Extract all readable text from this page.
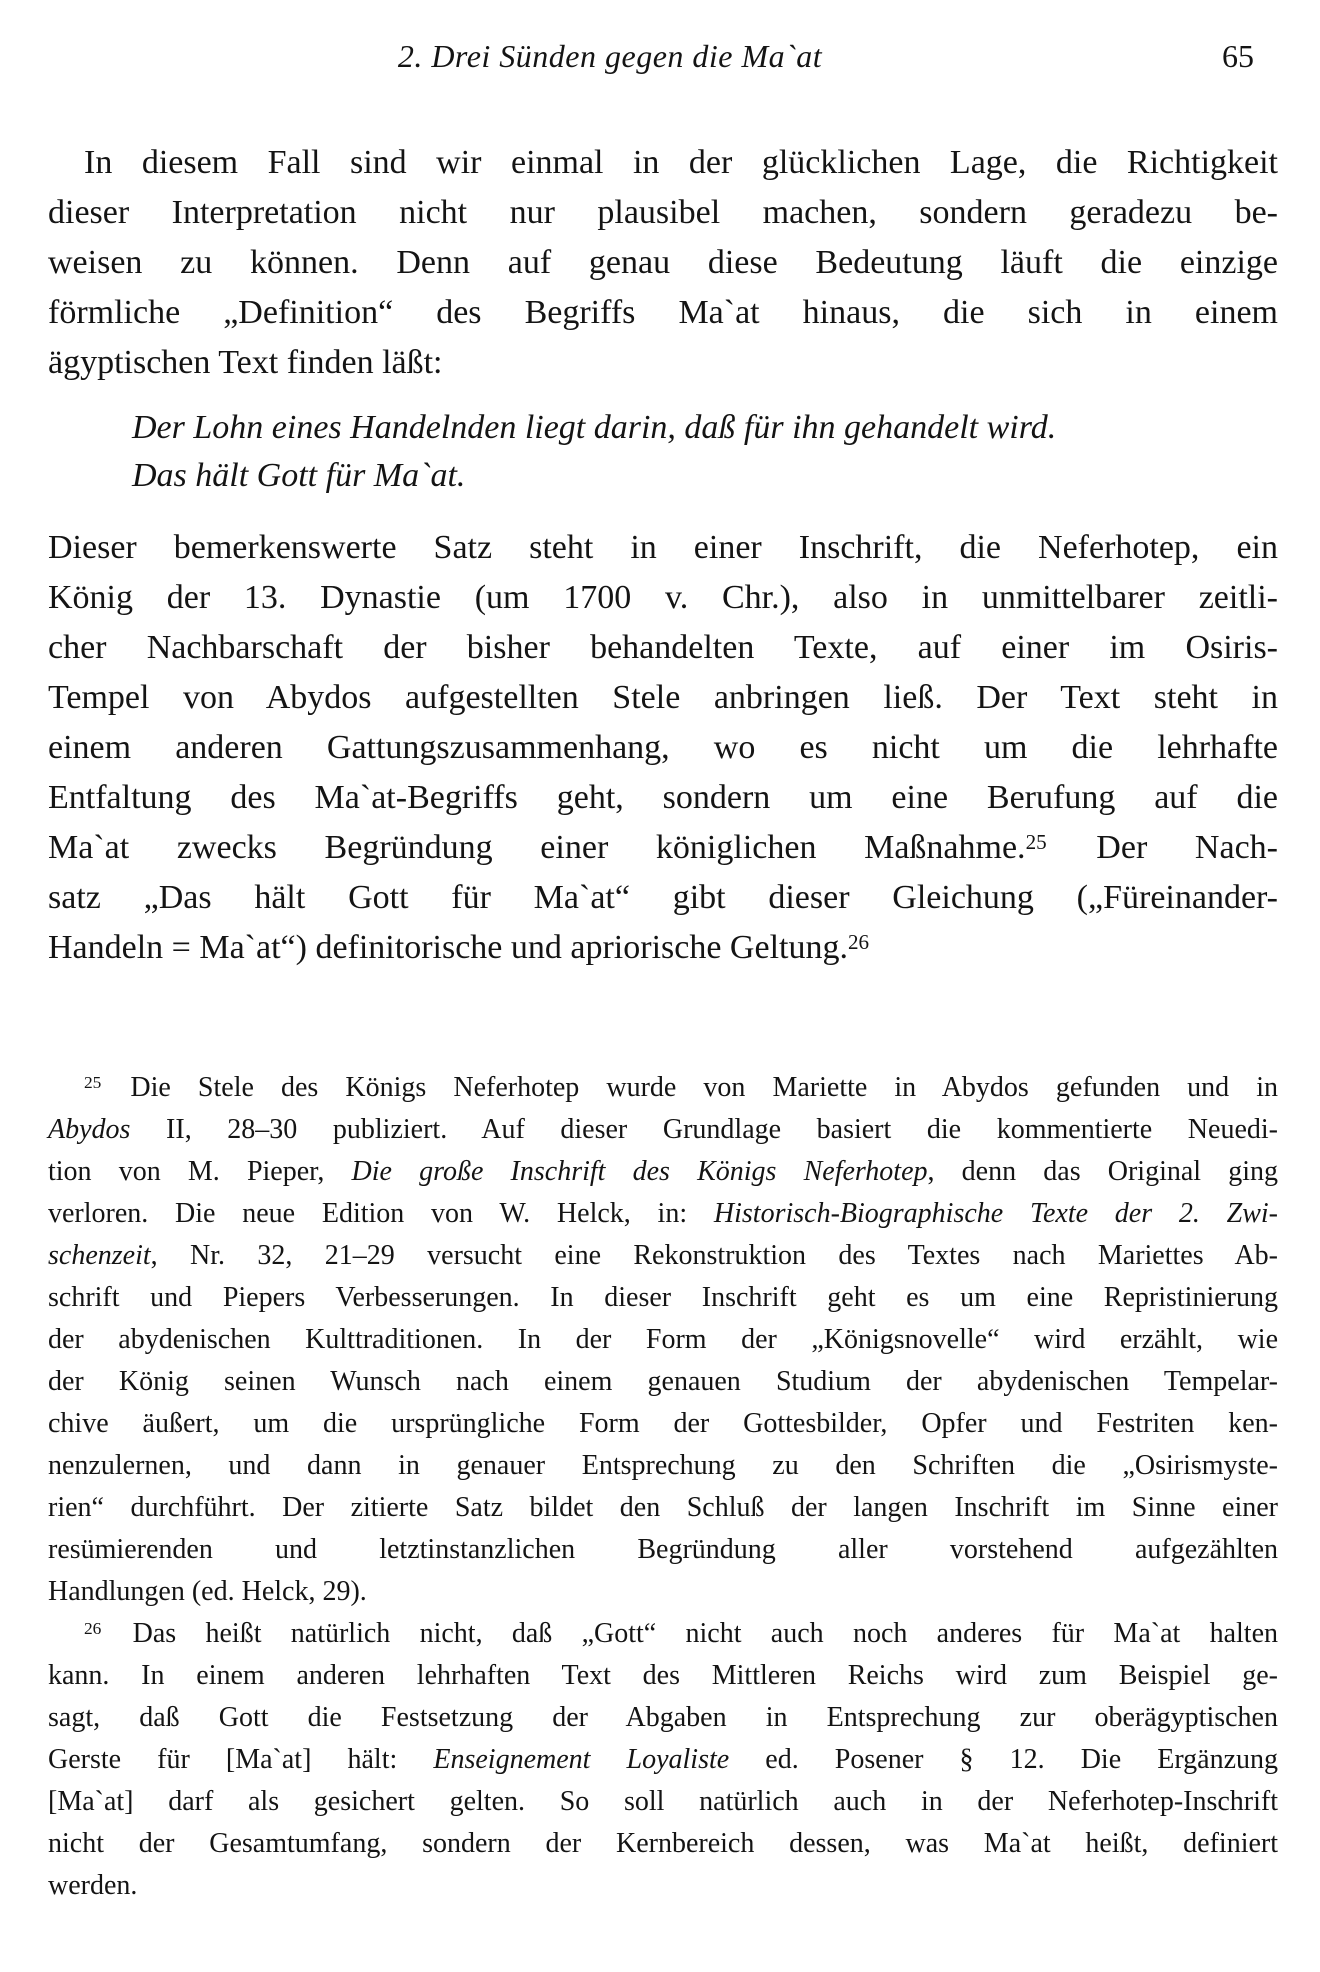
2. Drei Sünden gegen die Ma`at	65
In diesem Fall sind wir einmal in der glücklichen Lage, die Richtigkeit
dieser Interpretation nicht nur plausibel machen, sondern geradezu be-
weisen zu können. Denn auf genau diese Bedeutung läuft die einzige
förmliche „Definition“ des Begriffs Ma`at hinaus, die sich in einem
ägyptischen Text finden läßt:
Der Lohn eines Handelnden liegt darin, daß für ihn gehandelt wird.
Das hält Gott für Ma`at.
Dieser bemerkenswerte Satz steht in einer Inschrift, die Neferhotep, ein
König der 13. Dynastie (um 1700 v. Chr.), also in unmittelbarer zeitli-
cher Nachbarschaft der bisher behandelten Texte, auf einer im Osiris-
Tempel von Abydos aufgestellten Stele anbringen ließ. Der Text steht in
einem anderen Gattungszusammenhang, wo es nicht um die lehrhafte
Entfaltung des Ma`at-Begriffs geht, sondern um eine Berufung auf die
Ma`at zwecks Begründung einer königlichen Maßnahme.$^{25}$ Der Nach-
satz „Das hält Gott für Ma`at“ gibt dieser Gleichung („Füreinander-
Handeln = Ma`at“) definitorische und apriorische Geltung.$^{26}$
$^{25}$ Die Stele des Königs Neferhotep wurde von Mariette in Abydos gefunden und in
Abydos II, 28–30 publiziert. Auf dieser Grundlage basiert die kommentierte Neuedi-
tion von M. Pieper, Die große Inschrift des Königs Neferhotep, denn das Original ging
verloren. Die neue Edition von W. Helck, in: Historisch-Biographische Texte der 2. Zwi-
schenzeit, Nr. 32, 21–29 versucht eine Rekonstruktion des Textes nach Mariettes Ab-
schrift und Piepers Verbesserungen. In dieser Inschrift geht es um eine Repristinierung
der abydenischen Kulttraditionen. In der Form der „Königsnovelle“ wird erzählt, wie
der König seinen Wunsch nach einem genauen Studium der abydenischen Tempelar-
chive äußert, um die ursprüngliche Form der Gottesbilder, Opfer und Festriten ken-
nenzulernen, und dann in genauer Entsprechung zu den Schriften die „Osirismyste-
rien“ durchführt. Der zitierte Satz bildet den Schluß der langen Inschrift im Sinne einer
resümierenden und letztinstanzlichen Begründung aller vorstehend aufgezählten
Handlungen (ed. Helck, 29).
$^{26}$ Das heißt natürlich nicht, daß „Gott“ nicht auch noch anderes für Ma`at halten
kann. In einem anderen lehrhaften Text des Mittleren Reichs wird zum Beispiel ge-
sagt, daß Gott die Festsetzung der Abgaben in Entsprechung zur oberägyptischen
Gerste für [Ma`at] hält: Enseignement Loyaliste ed. Posener § 12. Die Ergänzung
[Ma`at] darf als gesichert gelten. So soll natürlich auch in der Neferhotep-Inschrift
nicht der Gesamtumfang, sondern der Kernbereich dessen, was Ma`at heißt, definiert
werden.
